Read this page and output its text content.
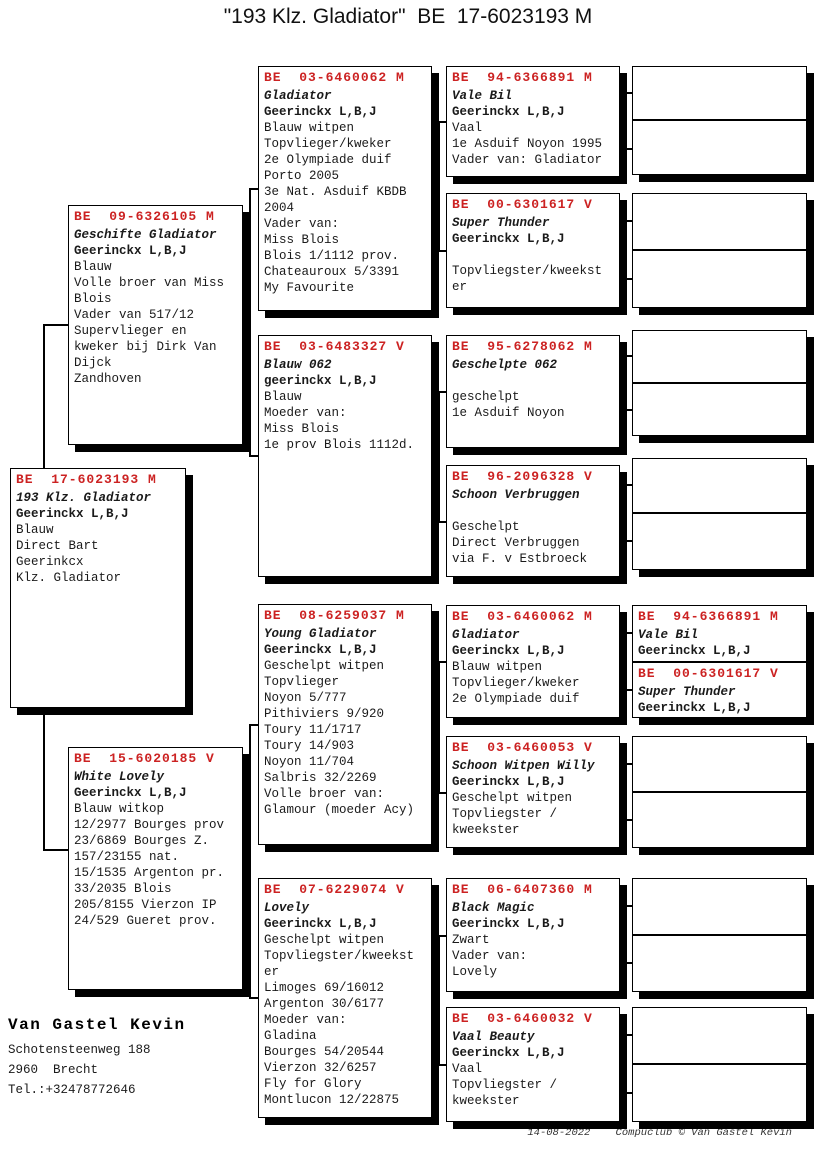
"193 Klz. Gladiator"  BE  17-6023193 M
Van Gastel Kevin
Schotensteenweg 188
2960  Brecht
Tel.:+32478772646
14-08-2022    Compuclub © Van Gastel Kevin
BE  17-6023193 M
193 Klz. Gladiator
Geerinckx L,B,J
Blauw
Direct Bart
Geerinkcx
Klz. Gladiator
BE  09-6326105 M
Geschifte Gladiator
Geerinckx L,B,J
Blauw
Volle broer van Miss
Blois
Vader van 517/12
Supervlieger en
kweker bij Dirk Van
Dijck
Zandhoven
BE  15-6020185 V
White Lovely
Geerinckx L,B,J
Blauw witkop
12/2977 Bourges prov
23/6869 Bourges Z.
157/23155 nat.
15/1535 Argenton pr.
33/2035 Blois
205/8155 Vierzon IP
24/529 Gueret prov.
BE  03-6460062 M
Gladiator
Geerinckx L,B,J
Blauw witpen
Topvlieger/kweker
2e Olympiade duif
Porto 2005
3e Nat. Asduif KBDB
2004
Vader van:
Miss Blois
Blois 1/1112 prov.
Chateauroux 5/3391
My Favourite
BE  03-6483327 V
Blauw 062
geerinckx L,B,J
Blauw
Moeder van:
Miss Blois
1e prov Blois 1112d.
BE  08-6259037 M
Young Gladiator
Geerinckx L,B,J
Geschelpt witpen
Topvlieger
Noyon 5/777
Pithiviers 9/920
Toury 11/1717
Toury 14/903
Noyon 11/704
Salbris 32/2269
Volle broer van:
Glamour (moeder Acy)
BE  07-6229074 V
Lovely
Geerinckx L,B,J
Geschelpt witpen
Topvliegster/kweekst
er
Limoges 69/16012
Argenton 30/6177
Moeder van:
Gladina
Bourges 54/20544
Vierzon 32/6257
Fly for Glory
Montlucon 12/22875
BE  94-6366891 M
Vale Bil
Geerinckx L,B,J
Vaal
1e Asduif Noyon 1995
Vader van: Gladiator
BE  00-6301617 V
Super Thunder
Geerinckx L,B,J
Topvliegster/kweekst
er
BE  95-6278062 M
Geschelpte 062
geschelpt
1e Asduif Noyon
BE  96-2096328 V
Schoon Verbruggen
Geschelpt
Direct Verbruggen
via F. v Estbroeck
BE  03-6460062 M
Gladiator
Geerinckx L,B,J
Blauw witpen
Topvlieger/kweker
2e Olympiade duif
BE  03-6460053 V
Schoon Witpen Willy
Geerinckx L,B,J
Geschelpt witpen
Topvliegster /
kweekster
BE  06-6407360 M
Black Magic
Geerinckx L,B,J
Zwart
Vader van:
Lovely
BE  03-6460032 V
Vaal Beauty
Geerinckx L,B,J
Vaal
Topvliegster /
kweekster
BE  94-6366891 M
Vale Bil
Geerinckx L,B,J
BE  00-6301617 V
Super Thunder
Geerinckx L,B,J
